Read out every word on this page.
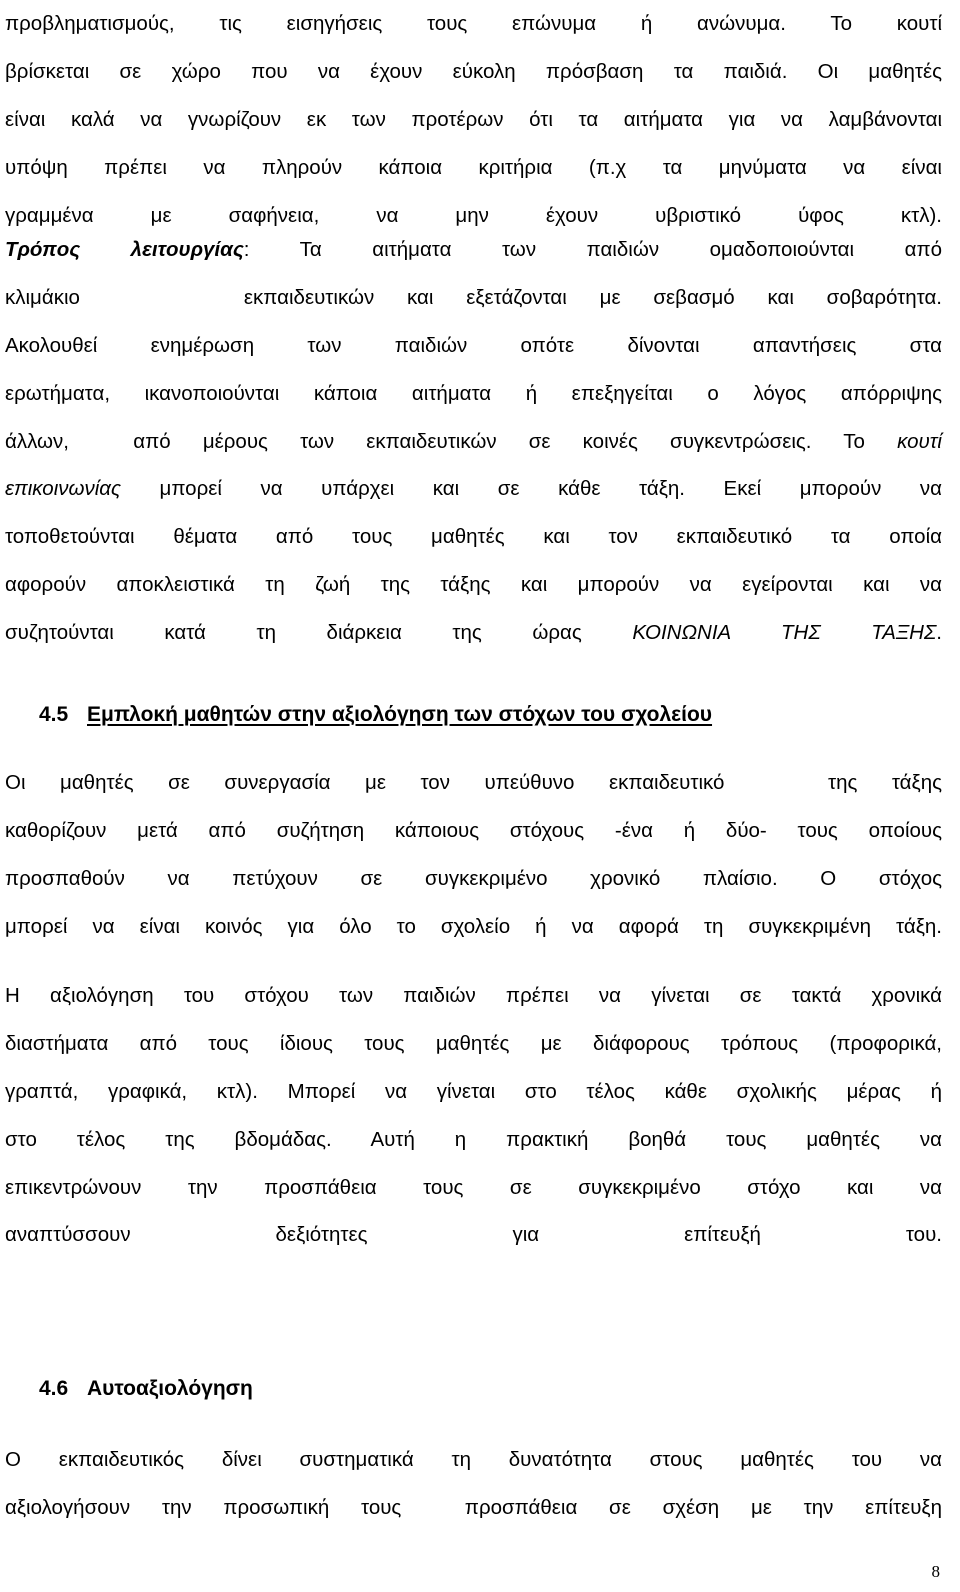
προβληματισμούς, τις εισηγήσεις τους επώνυμα ή ανώνυμα. Το κουτί
βρίσκεται σε χώρο που να έχουν εύκολη πρόσβαση τα παιδιά. Οι μαθητές
είναι καλά να γνωρίζουν εκ των προτέρων ότι τα αιτήματα για να λαμβάνονται
υπόψη πρέπει να πληρούν κάποια κριτήρια (π.χ τα μηνύματα να είναι
γραμμένα με σαφήνεια, να μην έχουν υβριστικό ύφος κτλ).
Τρόπος λειτουργίας: Τα αιτήματα των παιδιών ομαδοποιούνται από
κλιμάκιο     εκπαιδευτικών και εξετάζονται με σεβασμό και σοβαρότητα.
Ακολουθεί ενημέρωση των παιδιών οπότε δίνονται απαντήσεις στα
ερωτήματα, ικανοποιούνται κάποια αιτήματα ή επεξηγείται ο λόγος απόρριψης
άλλων,  από μέρους των εκπαιδευτικών σε κοινές συγκεντρώσεις. Το κουτί
επικοινωνίας μπορεί να υπάρχει και σε κάθε τάξη. Εκεί μπορούν να
τοποθετούνται θέματα από τους μαθητές και τον εκπαιδευτικό τα οποία
αφορούν αποκλειστικά τη ζωή της τάξης και μπορούν να εγείρονται και να
συζητούνται κατά τη διάρκεια της ώρας ΚΟΙΝΩΝΙΑ ΤΗΣ ΤΑΞΗΣ.
4.5 Εμπλοκή μαθητών στην αξιολόγηση των στόχων του σχολείου
Οι μαθητές σε συνεργασία με τον υπεύθυνο εκπαιδευτικό   της τάξης
καθορίζουν μετά από συζήτηση κάποιους στόχους -ένα ή δύο- τους οποίους
προσπαθούν να πετύχουν σε συγκεκριμένο χρονικό πλαίσιο. Ο στόχος
μπορεί να είναι κοινός για όλο το σχολείο ή να αφορά τη συγκεκριμένη τάξη.
Η αξιολόγηση του στόχου των παιδιών πρέπει να γίνεται σε τακτά χρονικά
διαστήματα από τους ίδιους τους μαθητές με διάφορους τρόπους (προφορικά,
γραπτά, γραφικά, κτλ). Μπορεί να γίνεται στο τέλος κάθε σχολικής μέρας ή
στο τέλος της βδομάδας. Αυτή η πρακτική βοηθά τους μαθητές να
επικεντρώνουν την προσπάθεια τους σε συγκεκριμένο στόχο και να
αναπτύσσουν δεξιότητες για επίτευξή του.
4.6 Αυτοαξιολόγηση
Ο εκπαιδευτικός δίνει συστηματικά τη δυνατότητα στους μαθητές του να
αξιολογήσουν την προσωπική τους  προσπάθεια σε σχέση με την επίτευξη
8
